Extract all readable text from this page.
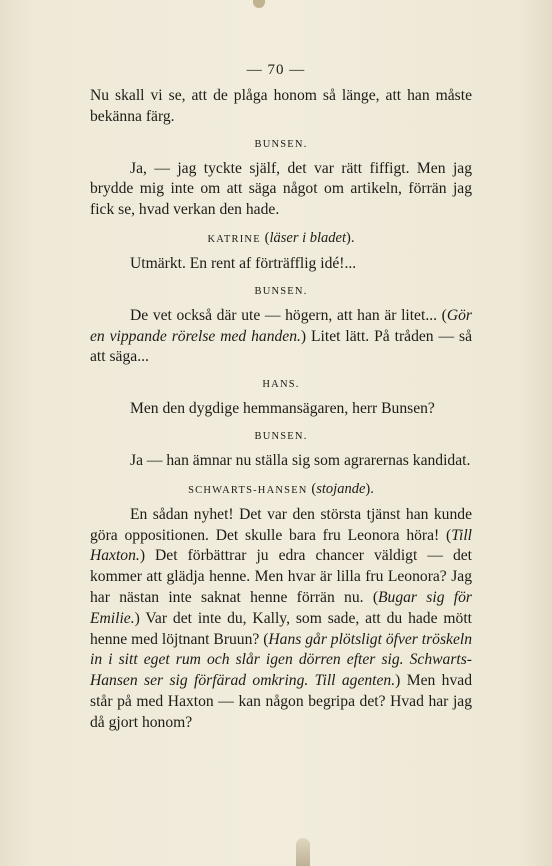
— 70 —

Nu skall vi se, att de plåga honom så länge, att han måste bekänna färg.

BUNSEN.

Ja, — jag tyckte själf, det var rätt fiffigt. Men jag brydde mig inte om att säga något om artikeln, förrän jag fick se, hvad verkan den hade.

KATRINE (läser i bladet).

Utmärkt. En rent af förträfflig idé!...

BUNSEN.

De vet också där ute — högern, att han är litet... (Gör en vippande rörelse med handen.) Litet lätt. På tråden — så att säga...

HANS.

Men den dygdige hemmansägaren, herr Bunsen?

BUNSEN.

Ja — han ämnar nu ställa sig som agrarernas kandidat.

SCHWARTS-HANSEN (stojande).

En sådan nyhet! Det var den största tjänst han kunde göra oppositionen. Det skulle bara fru Leonora höra! (Till Haxton.) Det förbättrar ju edra chancer väldigt — det kommer att glädja henne. Men hvar är lilla fru Leonora? Jag har nästan inte saknat henne förrän nu. (Bugar sig för Emilie.) Var det inte du, Kally, som sade, att du hade mött henne med löjtnant Bruun? (Hans går plötsligt öfver tröskeln in i sitt eget rum och slår igen dörren efter sig. Schwarts-Hansen ser sig förfärad omkring. Till agenten.) Men hvad står på med Haxton — kan någon begripa det? Hvad har jag då gjort honom?
